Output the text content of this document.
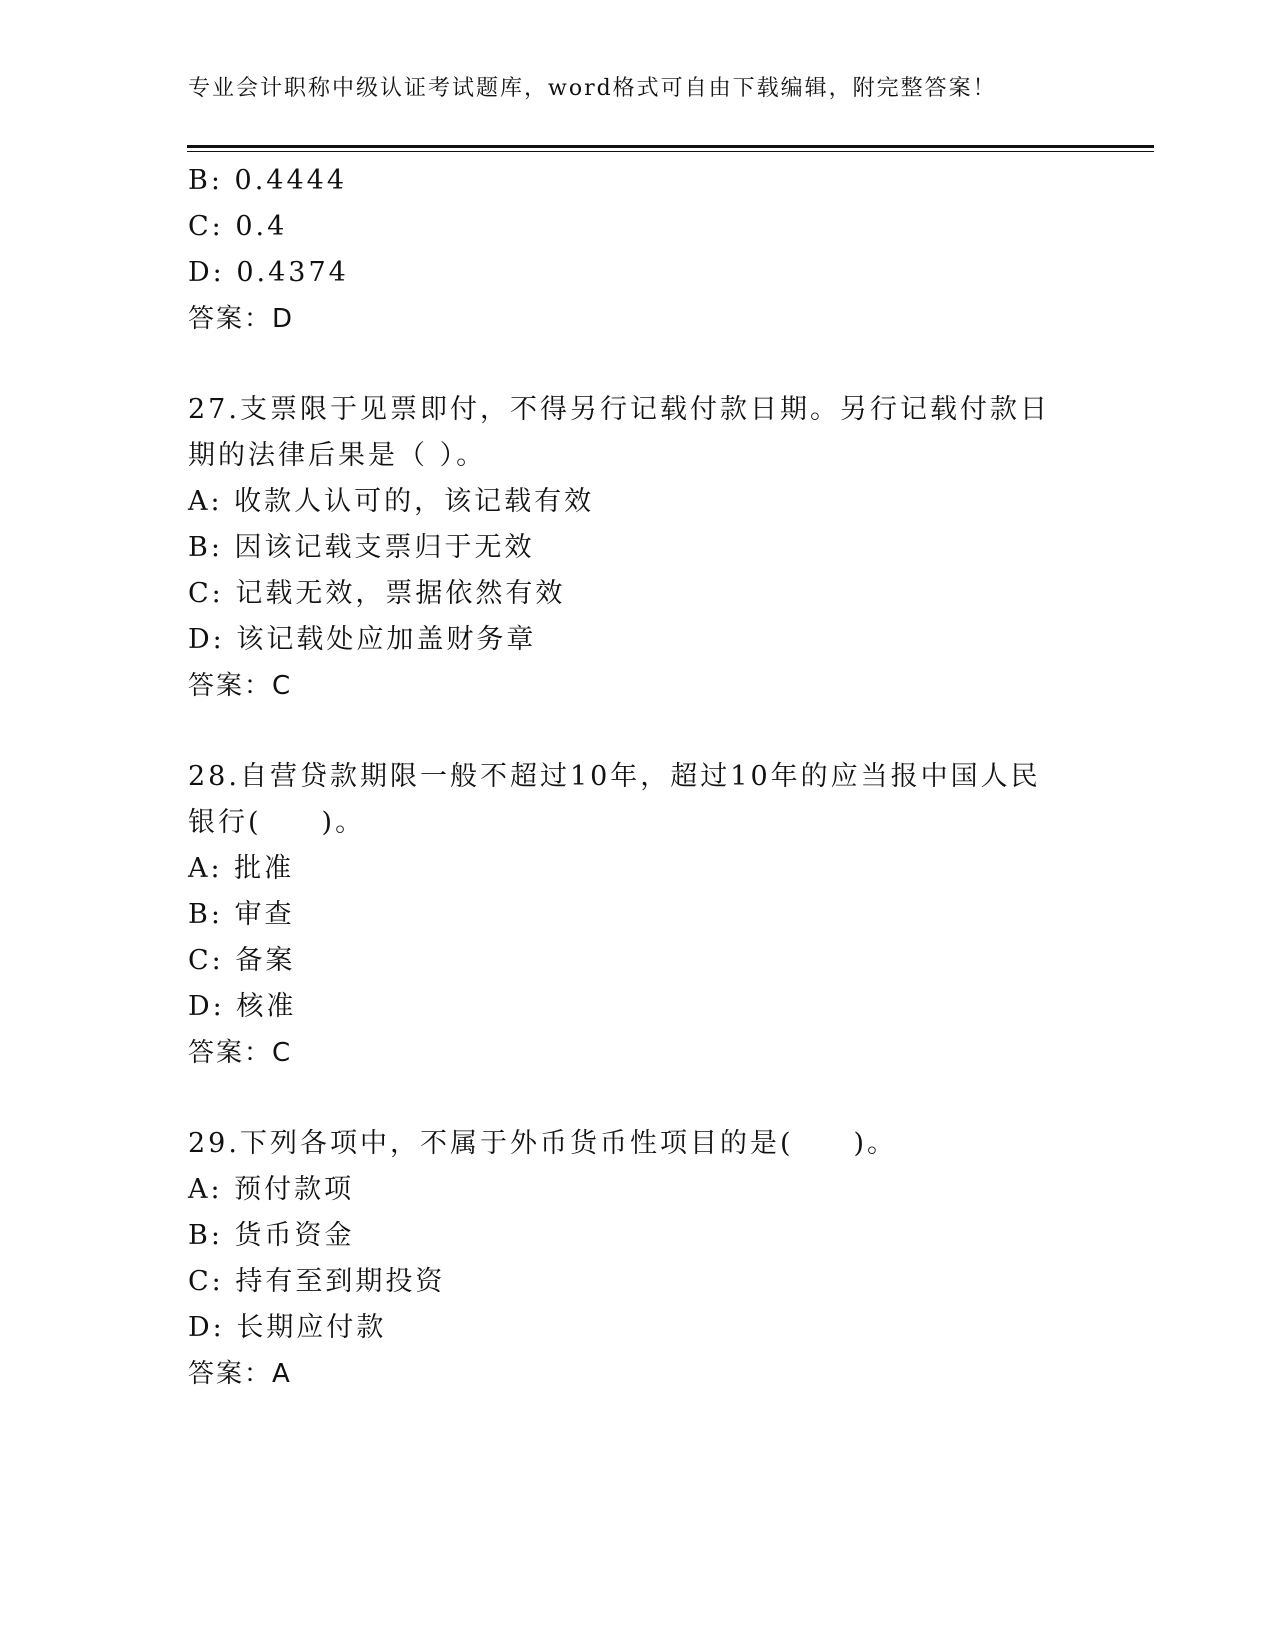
专业会计职称中级认证考试题库，word格式可自由下载编辑，附完整答案！
B: 0.4444
C: 0.4
D: 0.4374
答案：D
27.支票限于见票即付，不得另行记载付款日期。另行记载付款日期的法律后果是（ ）。
A: 收款人认可的，该记载有效
B: 因该记载支票归于无效
C: 记载无效，票据依然有效
D: 该记载处应加盖财务章
答案：C
28.自营贷款期限一般不超过10年，超过10年的应当报中国人民银行(　　)。
A: 批准
B: 审查
C: 备案
D: 核准
答案：C
29.下列各项中，不属于外币货币性项目的是(　　)。
A: 预付款项
B: 货币资金
C: 持有至到期投资
D: 长期应付款
答案：A
